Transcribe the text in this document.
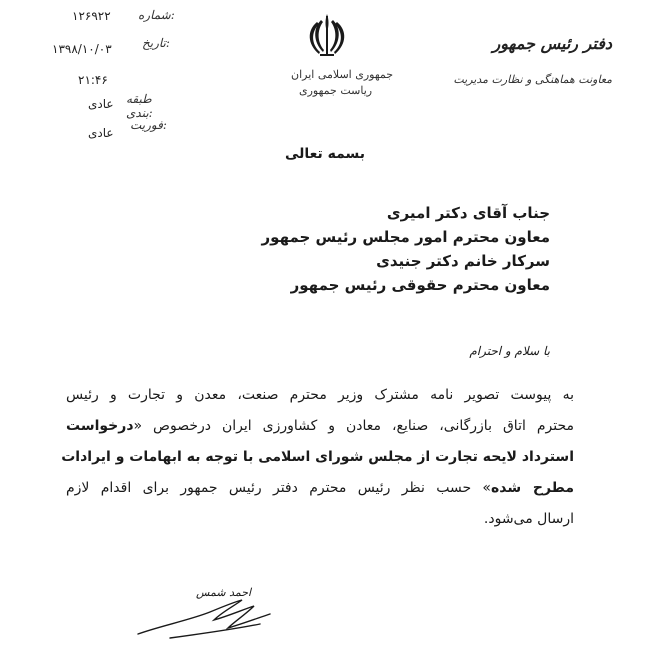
شماره:
۱۲۶۹۲۲
تاریخ:
۱۳۹۸/۱۰/۰۳
۲۱:۴۶
طبقه بندی:
عادی
فوریت:
عادی
جمهوری اسلامی ایران
ریاست جمهوری
دفتر رئیس جمهور
معاونت هماهنگی و نظارت مدیریت
بسمه تعالی
جناب آقای دکتر امیری
معاون محترم امور مجلس رئیس جمهور
سرکار خانم دکتر جنیدی
معاون محترم حقوقی رئیس جمهور
با سلام و احترام
به پیوست تصویر نامه مشترک وزیر محترم صنعت، معدن و تجارت و رئیس
محترم اتاق بازرگانی، صنایع، معادن و کشاورزی ایران درخصوص «درخواست
استرداد لایحه تجارت از مجلس شورای اسلامی با توجه به ابهامات و ایرادات
مطرح شده» حسب نظر رئیس محترم دفتر رئیس جمهور برای اقدام لازم
ارسال می‌شود.
احمد شمس
